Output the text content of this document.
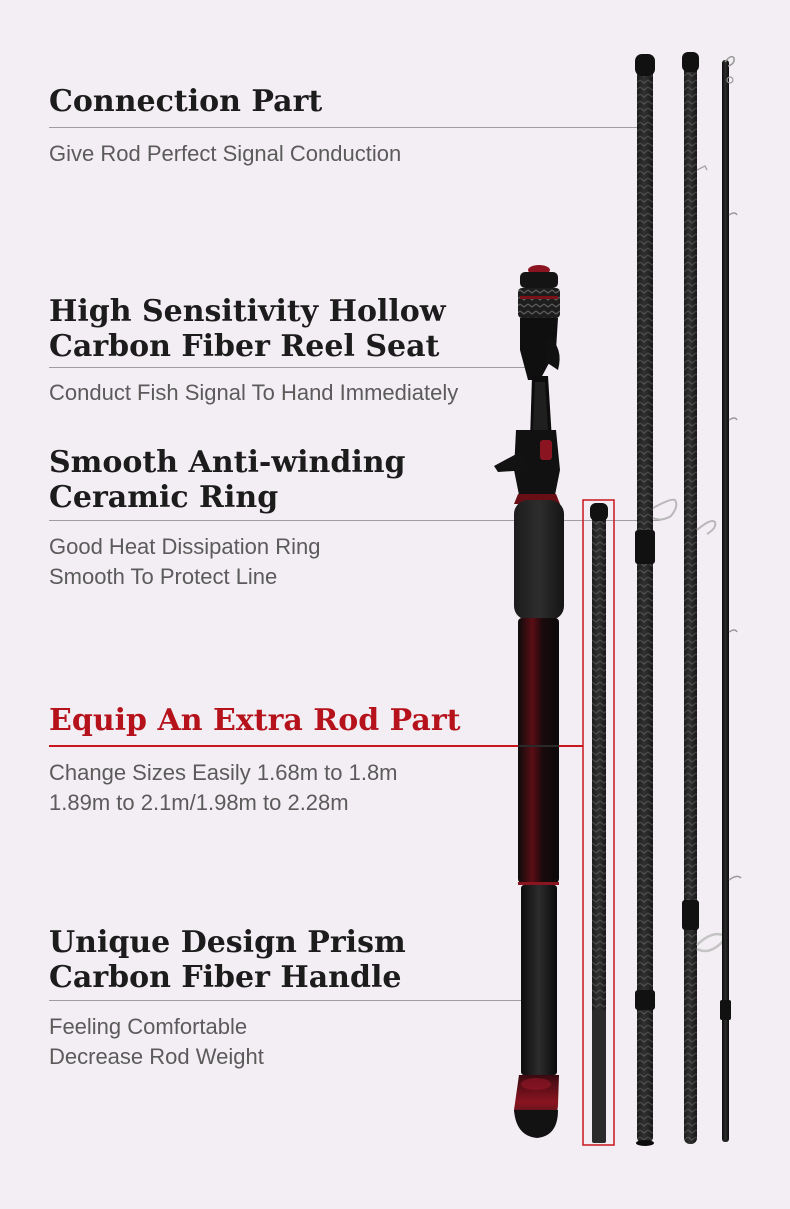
Connection Part

Give Rod Perfect Signal Conduction

High Sensitivity Hollow
Carbon Fiber Reel Seat

Conduct Fish Signal To Hand Immediately

Smooth Anti-winding
Ceramic Ring

Good Heat Dissipation Ring
Smooth To Protect Line

Equip An Extra Rod Part

Change Sizes Easily 1.68m to 1.8m
1.89m to 2.1m/1.98m to 2.28m

Unique Design Prism
Carbon Fiber Handle

Feeling Comfortable
Decrease Rod Weight
